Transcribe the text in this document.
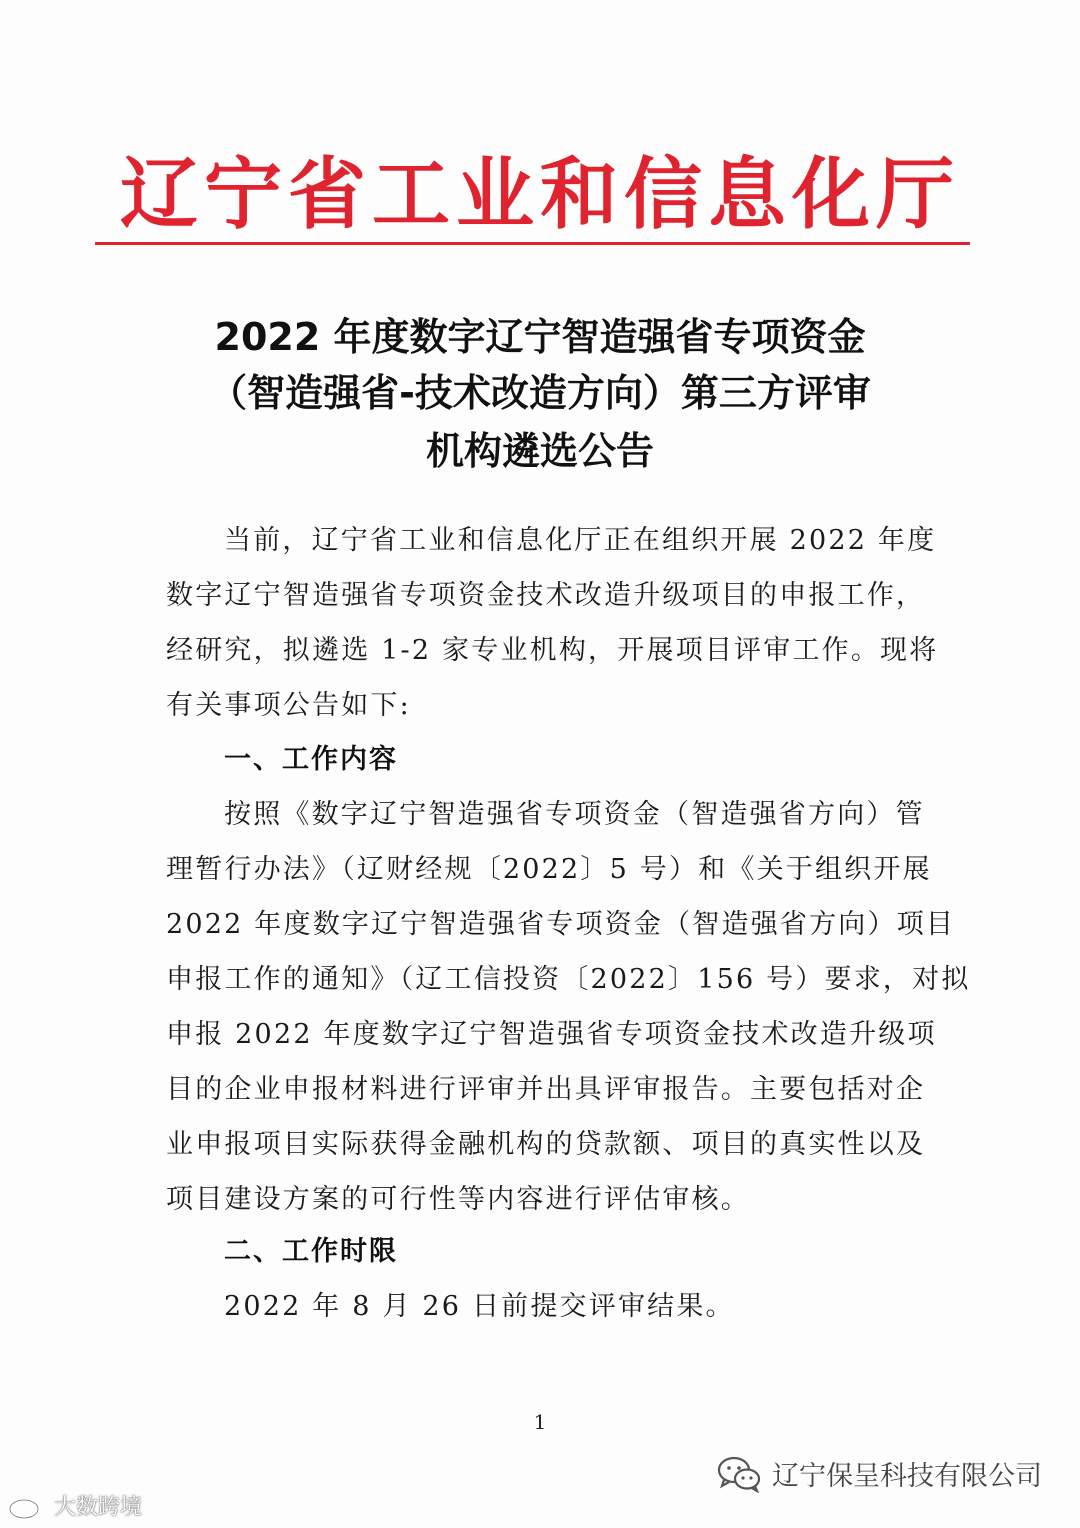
辽宁省工业和信息化厅
2022 年度数字辽宁智造强省专项资金
（智造强省-技术改造方向）第三方评审
机构遴选公告
当前，辽宁省工业和信息化厅正在组织开展 2022 年度
数字辽宁智造强省专项资金技术改造升级项目的申报工作，
经研究，拟遴选 1-2 家专业机构，开展项目评审工作。现将
有关事项公告如下:
一、工作内容
按照《数字辽宁智造强省专项资金（智造强省方向）管
理暂行办法》（辽财经规〔2022〕5 号）和《关于组织开展
2022 年度数字辽宁智造强省专项资金（智造强省方向）项目
申报工作的通知》（辽工信投资〔2022〕156 号）要求，对拟
申报 2022 年度数字辽宁智造强省专项资金技术改造升级项
目的企业申报材料进行评审并出具评审报告。主要包括对企
业申报项目实际获得金融机构的贷款额、项目的真实性以及
项目建设方案的可行性等内容进行评估审核。
二、工作时限
2022 年 8 月 26 日前提交评审结果。
1
大数跨境
辽宁保呈科技有限公司
